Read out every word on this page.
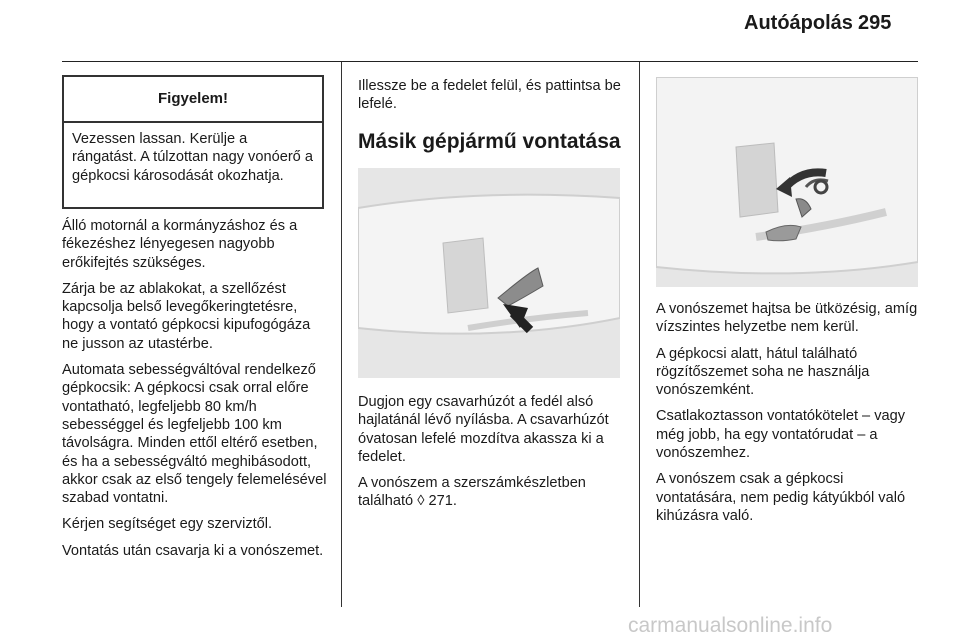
Autóápolás 295
Figyelem!
Vezessen lassan. Kerülje a rángatást. A túlzottan nagy vonóerő a gépkocsi károsodását okozhatja.

Álló motornál a kormányzáshoz és a fékezéshez lényegesen nagyobb erőkifejtés szükséges.

Zárja be az ablakokat, a szellőzést kapcsolja belső levegőkeringtetésre, hogy a vontató gépkocsi kipufogógáza ne jusson az utastérbe.

Automata sebességváltóval rendelkező gépkocsik: A gépkocsi csak orral előre vontatható, legfeljebb 80 km/h sebességgel és legfeljebb 100 km távolságra. Minden ettől eltérő esetben, és ha a sebességváltó meghibásodott, akkor csak az első tengely felemelésével szabad vontatni.

Kérjen segítséget egy szerviztől.

Vontatás után csavarja ki a vonószemet.

Illessze be a fedelet felül, és pattintsa be lefelé.

Másik gépjármű vontatása

Dugjon egy csavarhúzót a fedél alsó hajlatánál lévő nyílásba. A csavarhúzót óvatosan lefelé mozdítva akassza ki a fedelet.

A vonószem a szerszámkészletben található ◊ 271.

A vonószemet hajtsa be ütközésig, amíg vízszintes helyzetbe nem kerül.

A gépkocsi alatt, hátul található rögzítőszemet soha ne használja vonószemként.

Csatlakoztasson vontatókötelet – vagy még jobb, ha egy vontatórudat – a vonószemhez.

A vonószem csak a gépkocsi vontatására, nem pedig kátyúkból való kihúzásra való.

carmanualsonline.info
